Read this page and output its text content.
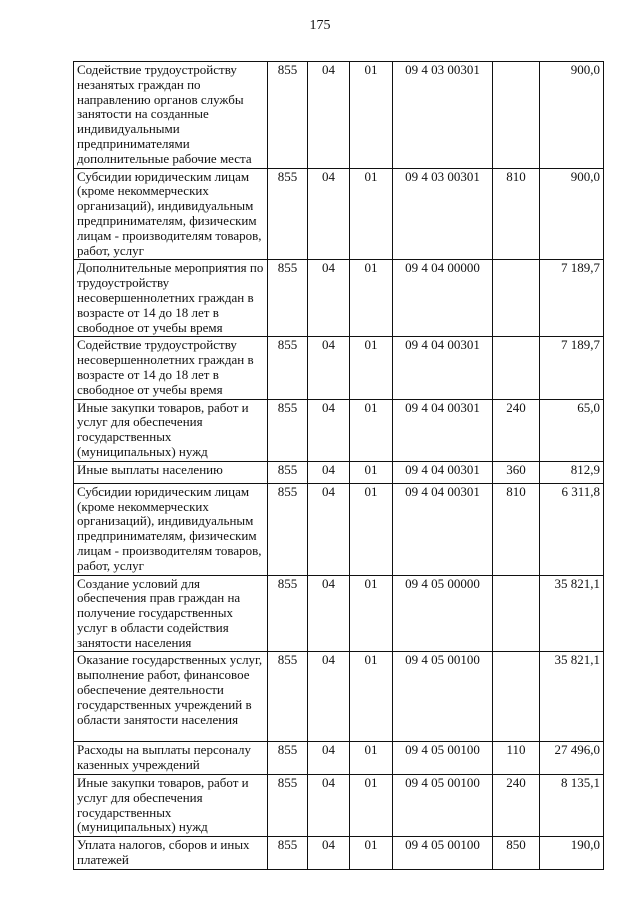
175
Содействие трудоустройству незанятых граждан по направлению органов службы занятости на созданные индивидуальными предпринимателями дополнительные рабочие места	855	04	01	09 4 03 00301		900,0
Субсидии юридическим лицам (кроме некоммерческих организаций), индивидуальным предпринимателям, физическим лицам - производителям товаров, работ, услуг	855	04	01	09 4 03 00301	810	900,0
Дополнительные мероприятия по трудоустройству несовершеннолетних граждан в возрасте от 14 до 18 лет в свободное от учебы время	855	04	01	09 4 04 00000		7 189,7
Содействие трудоустройству несовершеннолетних граждан в возрасте от 14 до 18 лет в свободное от учебы время	855	04	01	09 4 04 00301		7 189,7
Иные закупки товаров, работ и услуг для обеспечения государственных (муниципальных) нужд	855	04	01	09 4 04 00301	240	65,0
Иные выплаты населению	855	04	01	09 4 04 00301	360	812,9
Субсидии юридическим лицам (кроме некоммерческих организаций), индивидуальным предпринимателям, физическим лицам - производителям товаров, работ, услуг	855	04	01	09 4 04 00301	810	6 311,8
Создание условий для обеспечения прав граждан на получение государственных услуг в области содействия занятости населения	855	04	01	09 4 05 00000		35 821,1
Оказание государственных услуг, выполнение работ, финансовое обеспечение деятельности государственных учреждений в области занятости населения	855	04	01	09 4 05 00100		35 821,1
Расходы на выплаты персоналу казенных учреждений	855	04	01	09 4 05 00100	110	27 496,0
Иные закупки товаров, работ и услуг для обеспечения государственных (муниципальных) нужд	855	04	01	09 4 05 00100	240	8 135,1
Уплата налогов, сборов и иных платежей	855	04	01	09 4 05 00100	850	190,0
